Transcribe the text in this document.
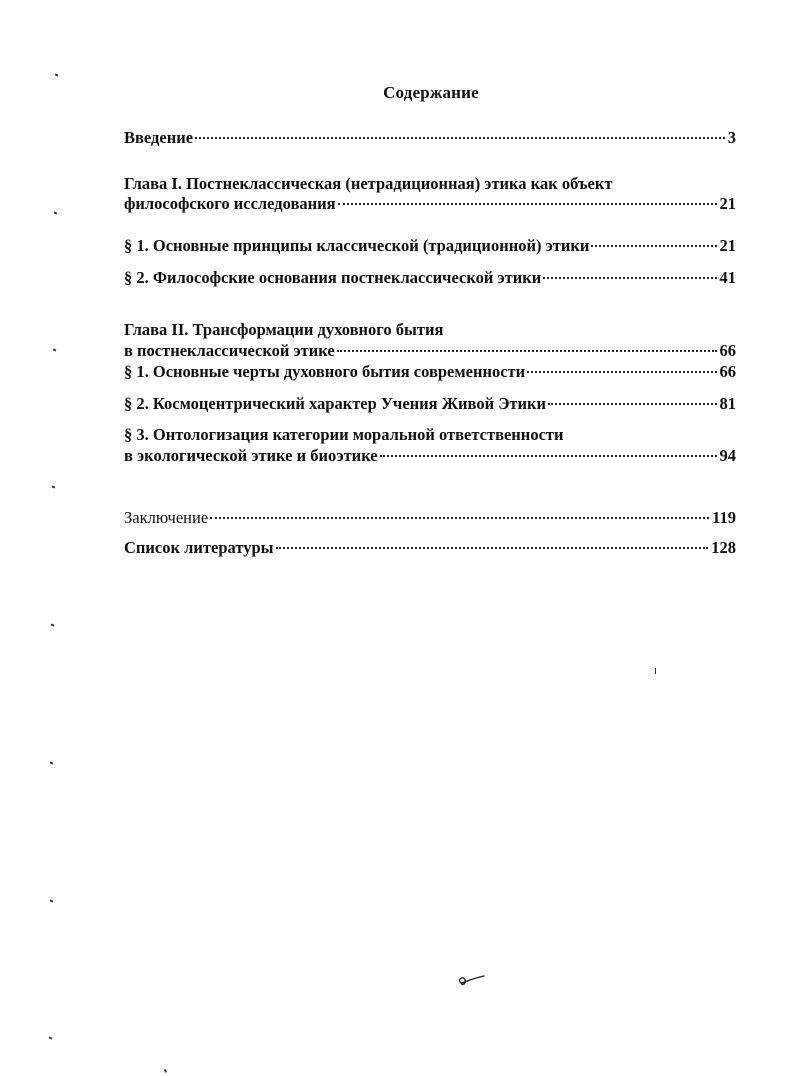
Содержание
Введение	3
Глава I. Постнеклассическая (нетрадиционная) этика как объект
философского исследования	21
§ 1. Основные принципы классической (традиционной) этики	21
§ 2. Философские основания постнеклассической этики	41
Глава II. Трансформации духовного бытия
в постнеклассической этике	66
§ 1. Основные черты духовного бытия современности	66
§ 2. Космоцентрический характер Учения Живой Этики	81
§ 3. Онтологизация категории моральной ответственности
в экологической этике и биоэтике	94
Заключение	119
Список литературы	128
